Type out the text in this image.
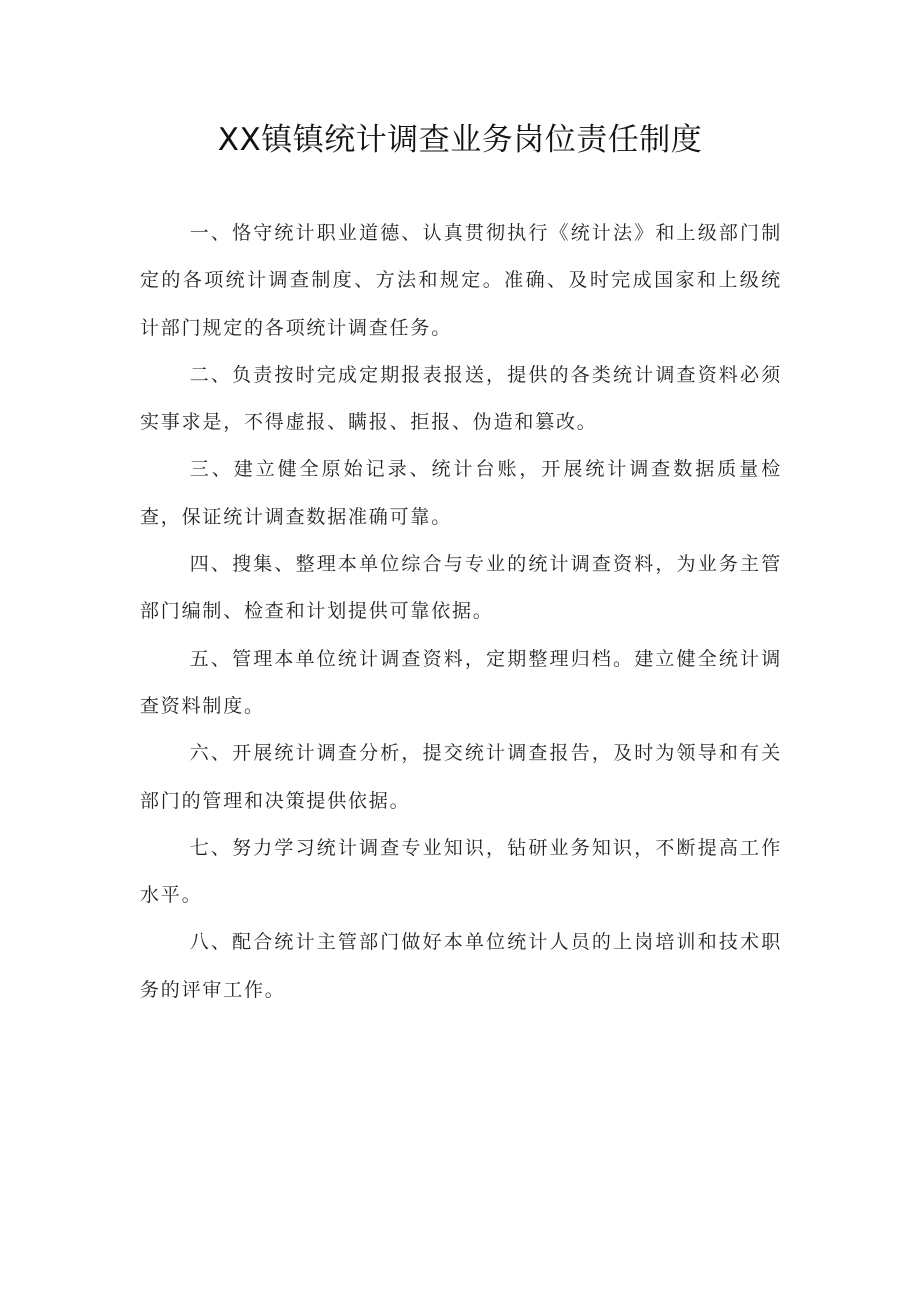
XX镇镇统计调查业务岗位责任制度

一、恪守统计职业道德、认真贯彻执行《统计法》和上级部门制定的各项统计调查制度、方法和规定。准确、及时完成国家和上级统计部门规定的各项统计调查任务。

二、负责按时完成定期报表报送，提供的各类统计调查资料必须实事求是，不得虚报、瞒报、拒报、伪造和篡改。

三、建立健全原始记录、统计台账，开展统计调查数据质量检查，保证统计调查数据准确可靠。

四、搜集、整理本单位综合与专业的统计调查资料，为业务主管部门编制、检查和计划提供可靠依据。

五、管理本单位统计调查资料，定期整理归档。建立健全统计调查资料制度。

六、开展统计调查分析，提交统计调查报告，及时为领导和有关部门的管理和决策提供依据。

七、努力学习统计调查专业知识，钻研业务知识，不断提高工作水平。

八、配合统计主管部门做好本单位统计人员的上岗培训和技术职务的评审工作。
